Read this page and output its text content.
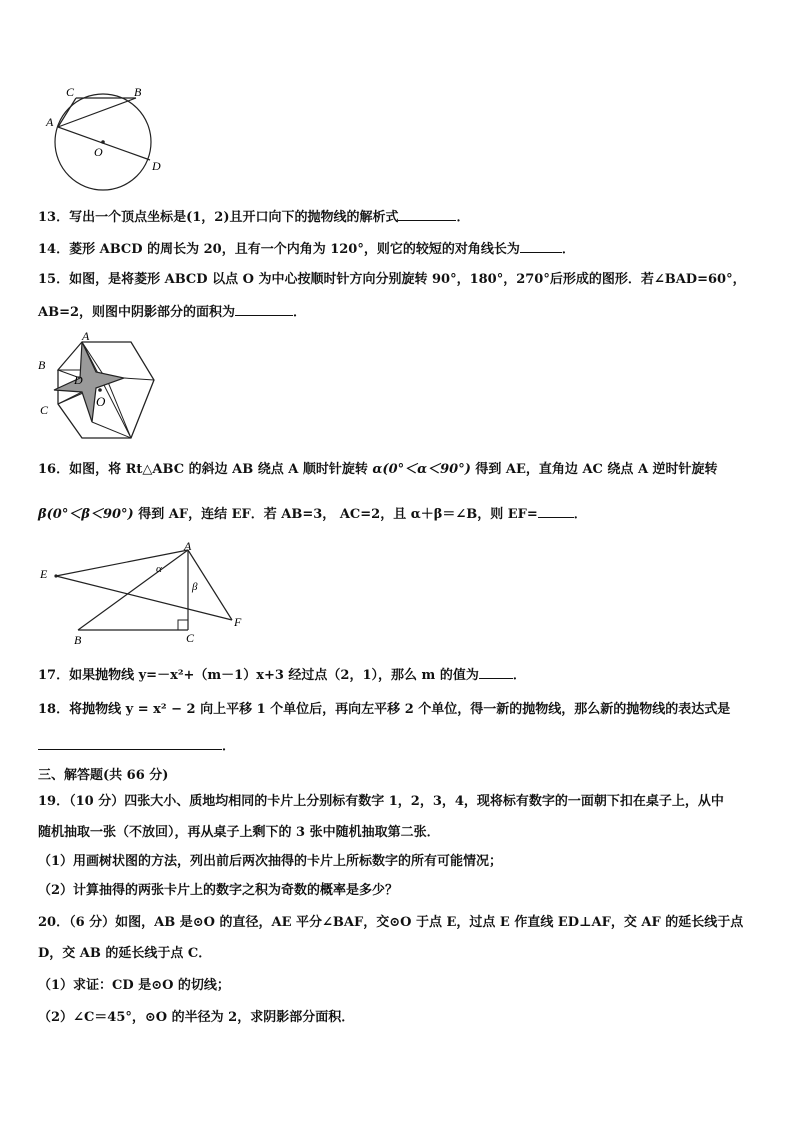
C	B
A
O
D
13．写出一个顶点坐标是(1，2)且开口向下的抛物线的解析式	．
14．菱形 ABCD 的周长为 20，且有一个内角为 120°，则它的较短的对角线长为	．
15．如图，是将菱形 ABCD 以点 O 为中心按顺时针方向分别旋转 90°，180°，270°后形成的图形．若∠BAD=60°，
AB=2，则图中阴影部分的面积为	．
A
B
C
D
O
16．如图，将 Rt△ABC 的斜边 AB 绕点 A 顺时针旋转 α(0°＜α＜90°) 得到 AE，直角边 AC 绕点 A 逆时针旋转
β(0°＜β＜90°) 得到 AF，连结 EF．若 AB=3， AC=2，且 α＋β＝∠B，则 EF=	．
A
E
F
B	C
α
β
17．如果抛物线 y=－x²+（m－1）x+3 经过点（2，1），那么 m 的值为	．
18．将抛物线 y = x² − 2 向上平移 1 个单位后，再向左平移 2 个单位，得一新的抛物线，那么新的抛物线的表达式是
．
三、解答题(共 66 分)
19．（10 分）四张大小、质地均相同的卡片上分别标有数字 1，2，3，4，现将标有数字的一面朝下扣在桌子上，从中
随机抽取一张（不放回），再从桌子上剩下的 3 张中随机抽取第二张．
（1）用画树状图的方法，列出前后两次抽得的卡片上所标数字的所有可能情况；
（2）计算抽得的两张卡片上的数字之积为奇数的概率是多少？
20．（6 分）如图，AB 是⊙O 的直径，AE 平分∠BAF，交⊙O 于点 E，过点 E 作直线 ED⊥AF，交 AF 的延长线于点
D，交 AB 的延长线于点 C．
（1）求证：CD 是⊙O 的切线；
（2）∠C＝45°，⊙O 的半径为 2，求阴影部分面积．
